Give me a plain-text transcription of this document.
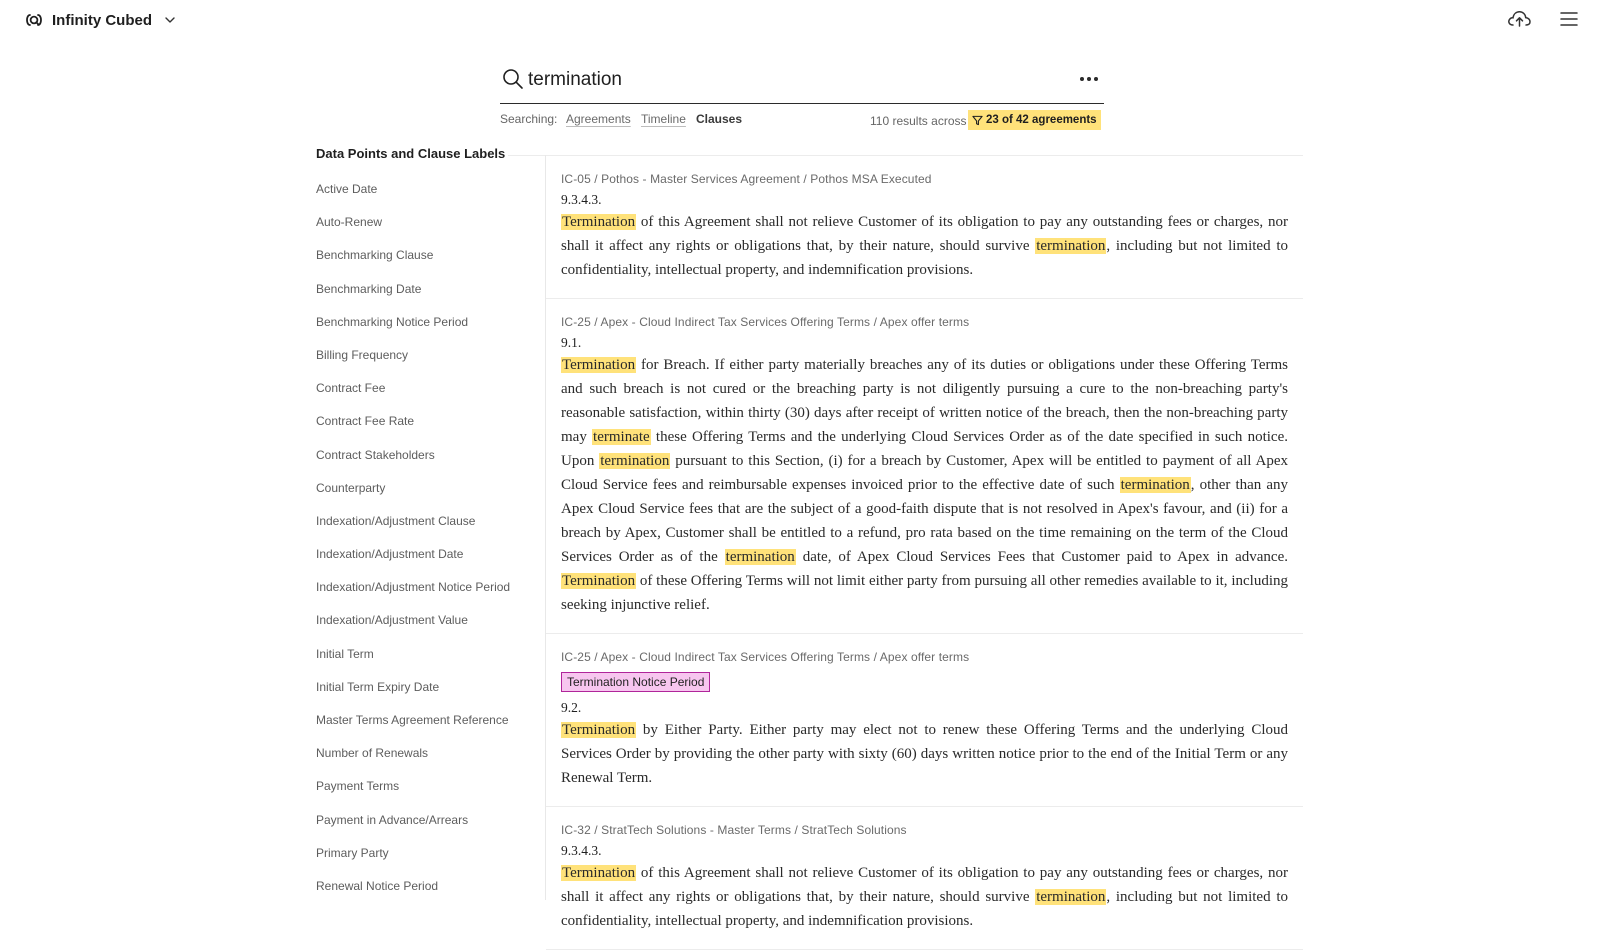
Infinity Cubed
termination
Searching: Agreements Timeline Clauses	110 results across 23 of 42 agreements
Data Points and Clause Labels
Active Date
Auto-Renew
Benchmarking Clause
Benchmarking Date
Benchmarking Notice Period
Billing Frequency
Contract Fee
Contract Fee Rate
Contract Stakeholders
Counterparty
Indexation/Adjustment Clause
Indexation/Adjustment Date
Indexation/Adjustment Notice Period
Indexation/Adjustment Value
Initial Term
Initial Term Expiry Date
Master Terms Agreement Reference
Number of Renewals
Payment Terms
Payment in Advance/Arrears
Primary Party
Renewal Notice Period
IC-05 / Pothos - Master Services Agreement / Pothos MSA Executed
9.3.4.3.
Termination of this Agreement shall not relieve Customer of its obligation to pay any outstanding fees or charges, nor shall it affect any rights or obligations that, by their nature, should survive termination, including but not limited to confidentiality, intellectual property, and indemnification provisions.
IC-25 / Apex - Cloud Indirect Tax Services Offering Terms / Apex offer terms
9.1.
Termination for Breach. If either party materially breaches any of its duties or obligations under these Offering Terms and such breach is not cured or the breaching party is not diligently pursuing a cure to the non-breaching party's reasonable satisfaction, within thirty (30) days after receipt of written notice of the breach, then the non-breaching party may terminate these Offering Terms and the underlying Cloud Services Order as of the date specified in such notice. Upon termination pursuant to this Section, (i) for a breach by Customer, Apex will be entitled to payment of all Apex Cloud Service fees and reimbursable expenses invoiced prior to the effective date of such termination, other than any Apex Cloud Service fees that are the subject of a good-faith dispute that is not resolved in Apex's favour, and (ii) for a breach by Apex, Customer shall be entitled to a refund, pro rata based on the time remaining on the term of the Cloud Services Order as of the termination date, of Apex Cloud Services Fees that Customer paid to Apex in advance. Termination of these Offering Terms will not limit either party from pursuing all other remedies available to it, including seeking injunctive relief.
IC-25 / Apex - Cloud Indirect Tax Services Offering Terms / Apex offer terms
Termination Notice Period
9.2.
Termination by Either Party. Either party may elect not to renew these Offering Terms and the underlying Cloud Services Order by providing the other party with sixty (60) days written notice prior to the end of the Initial Term or any Renewal Term.
IC-32 / StratTech Solutions - Master Terms / StratTech Solutions
9.3.4.3.
Termination of this Agreement shall not relieve Customer of its obligation to pay any outstanding fees or charges, nor shall it affect any rights or obligations that, by their nature, should survive termination, including but not limited to confidentiality, intellectual property, and indemnification provisions.
